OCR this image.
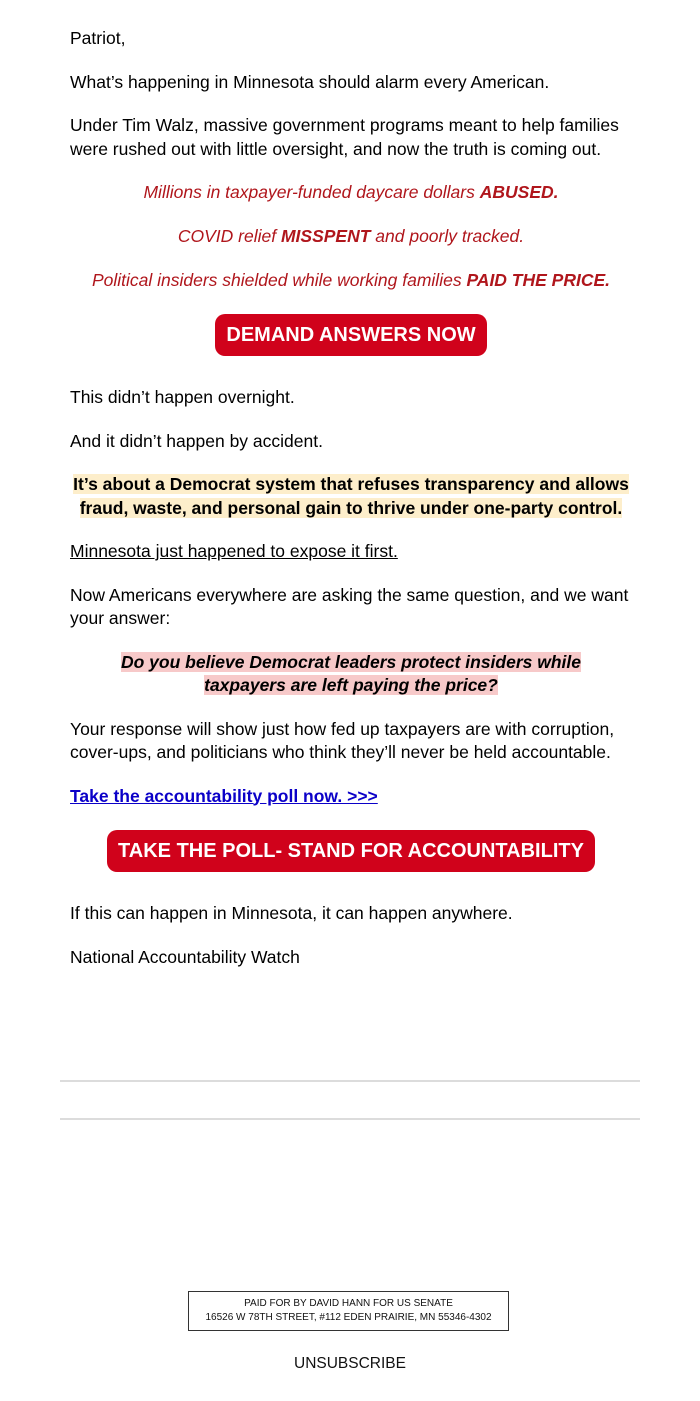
Patriot,

What’s happening in Minnesota should alarm every American.

Under Tim Walz, massive government programs meant to help families were rushed out with little oversight, and now the truth is coming out.

Millions in taxpayer-funded daycare dollars ABUSED.

COVID relief MISSPENT and poorly tracked.

Political insiders shielded while working families PAID THE PRICE.

DEMAND ANSWERS NOW

This didn’t happen overnight.

And it didn’t happen by accident.

It’s about a Democrat system that refuses transparency and allows fraud, waste, and personal gain to thrive under one-party control.

Minnesota just happened to expose it first.

Now Americans everywhere are asking the same question, and we want your answer:

Do you believe Democrat leaders protect insiders while taxpayers are left paying the price?

Your response will show just how fed up taxpayers are with corruption, cover-ups, and politicians who think they’ll never be held accountable.

Take the accountability poll now. >>>

TAKE THE POLL- STAND FOR ACCOUNTABILITY

If this can happen in Minnesota, it can happen anywhere.

National Accountability Watch

PAID FOR BY DAVID HANN FOR US SENATE
16526 W 78TH STREET, #112 EDEN PRAIRIE, MN 55346-4302
UNSUBSCRIBE
